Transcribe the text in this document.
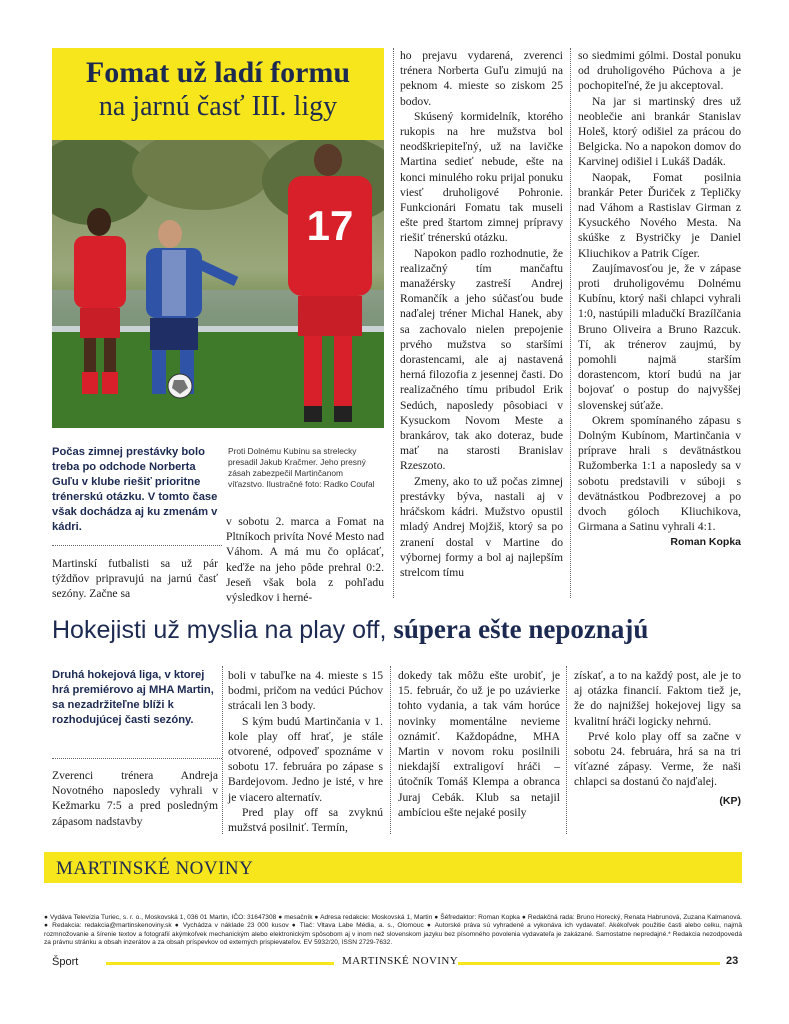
Fomat už ladí formu
na jarnú časť III. ligy
17
Počas zimnej prestávky bolo treba po odchode Norberta Guľu v klube riešiť prioritne trénerskú otázku. V tomto čase však dochádza aj ku zmenám v kádri.
Proti Dolnému Kubínu sa strelecky presadil Jakub Kračmer. Jeho presný zásah zabezpečil Martinčanom víťazstvo. Ilustračné foto: Radko Coufal

Martinskí futbalisti sa už pár týždňov pripravujú na jarnú časť sezóny. Začne sa

v sobotu 2. marca a Fomat na Pltníkoch privíta Nové Mesto nad Váhom. A má mu čo oplácať, keďže na jeho pôde prehral 0:2. Jeseň však bola z pohľadu výsledkov i herné-

ho prejavu vydarená, zverenci trénera Norberta Guľu zimujú na peknom 4. mieste so ziskom 25 bodov.

Skúsený kormidelník, ktorého rukopis na hre mužstva bol neodškriepiteľný, už na lavičke Martina sedieť nebude, ešte na konci minulého roku prijal ponuku viesť druholigové Pohronie. Funkcionári Fomatu tak museli ešte pred štartom zimnej prípravy riešiť trénerskú otázku.

Napokon padlo rozhodnutie, že realizačný tím mančaftu manažérsky zastreší Andrej Romančík a jeho súčasťou bude naďalej tréner Michal Hanek, aby sa zachovalo nielen prepojenie prvého mužstva so staršími dorastencami, ale aj nastavená herná filozofia z jesennej časti. Do realizačného tímu pribudol Erik Sedúch, naposledy pôsobiaci v Kysuckom Novom Meste a brankárov, tak ako doteraz, bude mať na starosti Branislav Rzeszoto.

Zmeny, ako to už počas zimnej prestávky býva, nastali aj v hráčskom kádri. Mužstvo opustil mladý Andrej Mojžiš, ktorý sa po zranení dostal v Martine do výbornej formy a bol aj najlepším strelcom tímu

so siedmimi gólmi. Dostal ponuku od druholigového Púchova a je pochopiteľné, že ju akceptoval.

Na jar si martinský dres už neoblečie ani brankár Stanislav Holeš, ktorý odišiel za prácou do Belgicka. No a napokon domov do Karvinej odišiel i Lukáš Dadák.

Naopak, Fomat posilnia brankár Peter Ďuriček z Tepličky nad Váhom a Rastislav Girman z Kysuckého Nového Mesta. Na skúške z Bystričky je Daniel Kliuchikov a Patrik Cíger.

Zaujímavosťou je, že v zápase proti druholigovému Dolnému Kubínu, ktorý naši chlapci vyhrali 1:0, nastúpili mladučkí Brazílčania Bruno Oliveira a Bruno Razcuk. Tí, ak trénerov zaujmú, by pomohli najmä starším dorastencom, ktorí budú na jar bojovať o postup do najvyššej slovenskej súťaže.

Okrem spomínaného zápasu s Dolným Kubínom, Martinčania v príprave hrali s devätnástkou Ružomberka 1:1 a naposledy sa v sobotu predstavili v súboji s devätnástkou Podbrezovej a po dvoch góloch Kliuchikova, Girmana a Satinu vyhrali 4:1.

Roman Kopka

Hokejisti už myslia na play off, súpera ešte nepoznajú
Druhá hokejová liga, v ktorej hrá premiérovo aj MHA Martin, sa nezadržiteľne blíži k rozhodujúcej časti sezóny.

Zverenci trénera Andreja Novotného naposledy vyhrali v Kežmarku 7:5 a pred posledným zápasom nadstavby

boli v tabuľke na 4. mieste s 15 bodmi, pričom na vedúci Púchov strácali len 3 body.

S kým budú Martinčania v 1. kole play off hrať, je stále otvorené, odpoveď spoznáme v sobotu 17. februára po zápase s Bardejovom. Jedno je isté, v hre je viacero alternatív.

Pred play off sa zvyknú mužstvá posilniť. Termín,

dokedy tak môžu ešte urobiť, je 15. február, čo už je po uzávierke tohto vydania, a tak vám horúce novinky momentálne nevieme oznámiť. Každopádne, MHA Martin v novom roku posilnili niekdajší extraligoví hráči – útočník Tomáš Klempa a obranca Juraj Cebák. Klub sa netajil ambíciou ešte nejaké posily

získať, a to na každý post, ale je to aj otázka financií. Faktom tiež je, že do najnižšej hokejovej ligy sa kvalitní hráči logicky nehrnú.

Prvé kolo play off sa začne v sobotu 24. februára, hrá sa na tri víťazné zápasy. Verme, že naši chlapci sa dostanú čo najďalej.

(KP)

MARTINSKÉ NOVINY
● Vydáva Televízia Turiec, s. r. o., Moskovská 1, 036 01 Martin, IČO: 31647308 ● mesačník ● Adresa redakcie: Moskovská 1, Martin ● Šéfredaktor: Roman Kopka ● Redakčná rada: Bruno Horecký, Renata Habrunová, Zuzana Kalmanová. ● Redakcia: redakcia@martinskenoviny.sk ● Vychádza v náklade 23 000 kusov ● Tlač: Vltava Labe Média, a. s., Olomouc ● Autorské práva sú vyhradené a vykonáva ich vydavateľ. Akékoľvek použitie časti alebo celku, najmä rozmnožovanie a šírenie textov a fotografií akýmkoľvek mechanickým alebo elektronickým spôsobom aj v inom než slovenskom jazyku bez písomného povolenia vydavateľa je zakázané. Samostatne nepredajné.* Redakcia nezodpovedá za právnu stránku a obsah inzerátov a za obsah príspevkov od externých prispievateľov. EV 5932/20, ISSN 2729-7632.
Šport	MARTINSKÉ NOVINY	23
